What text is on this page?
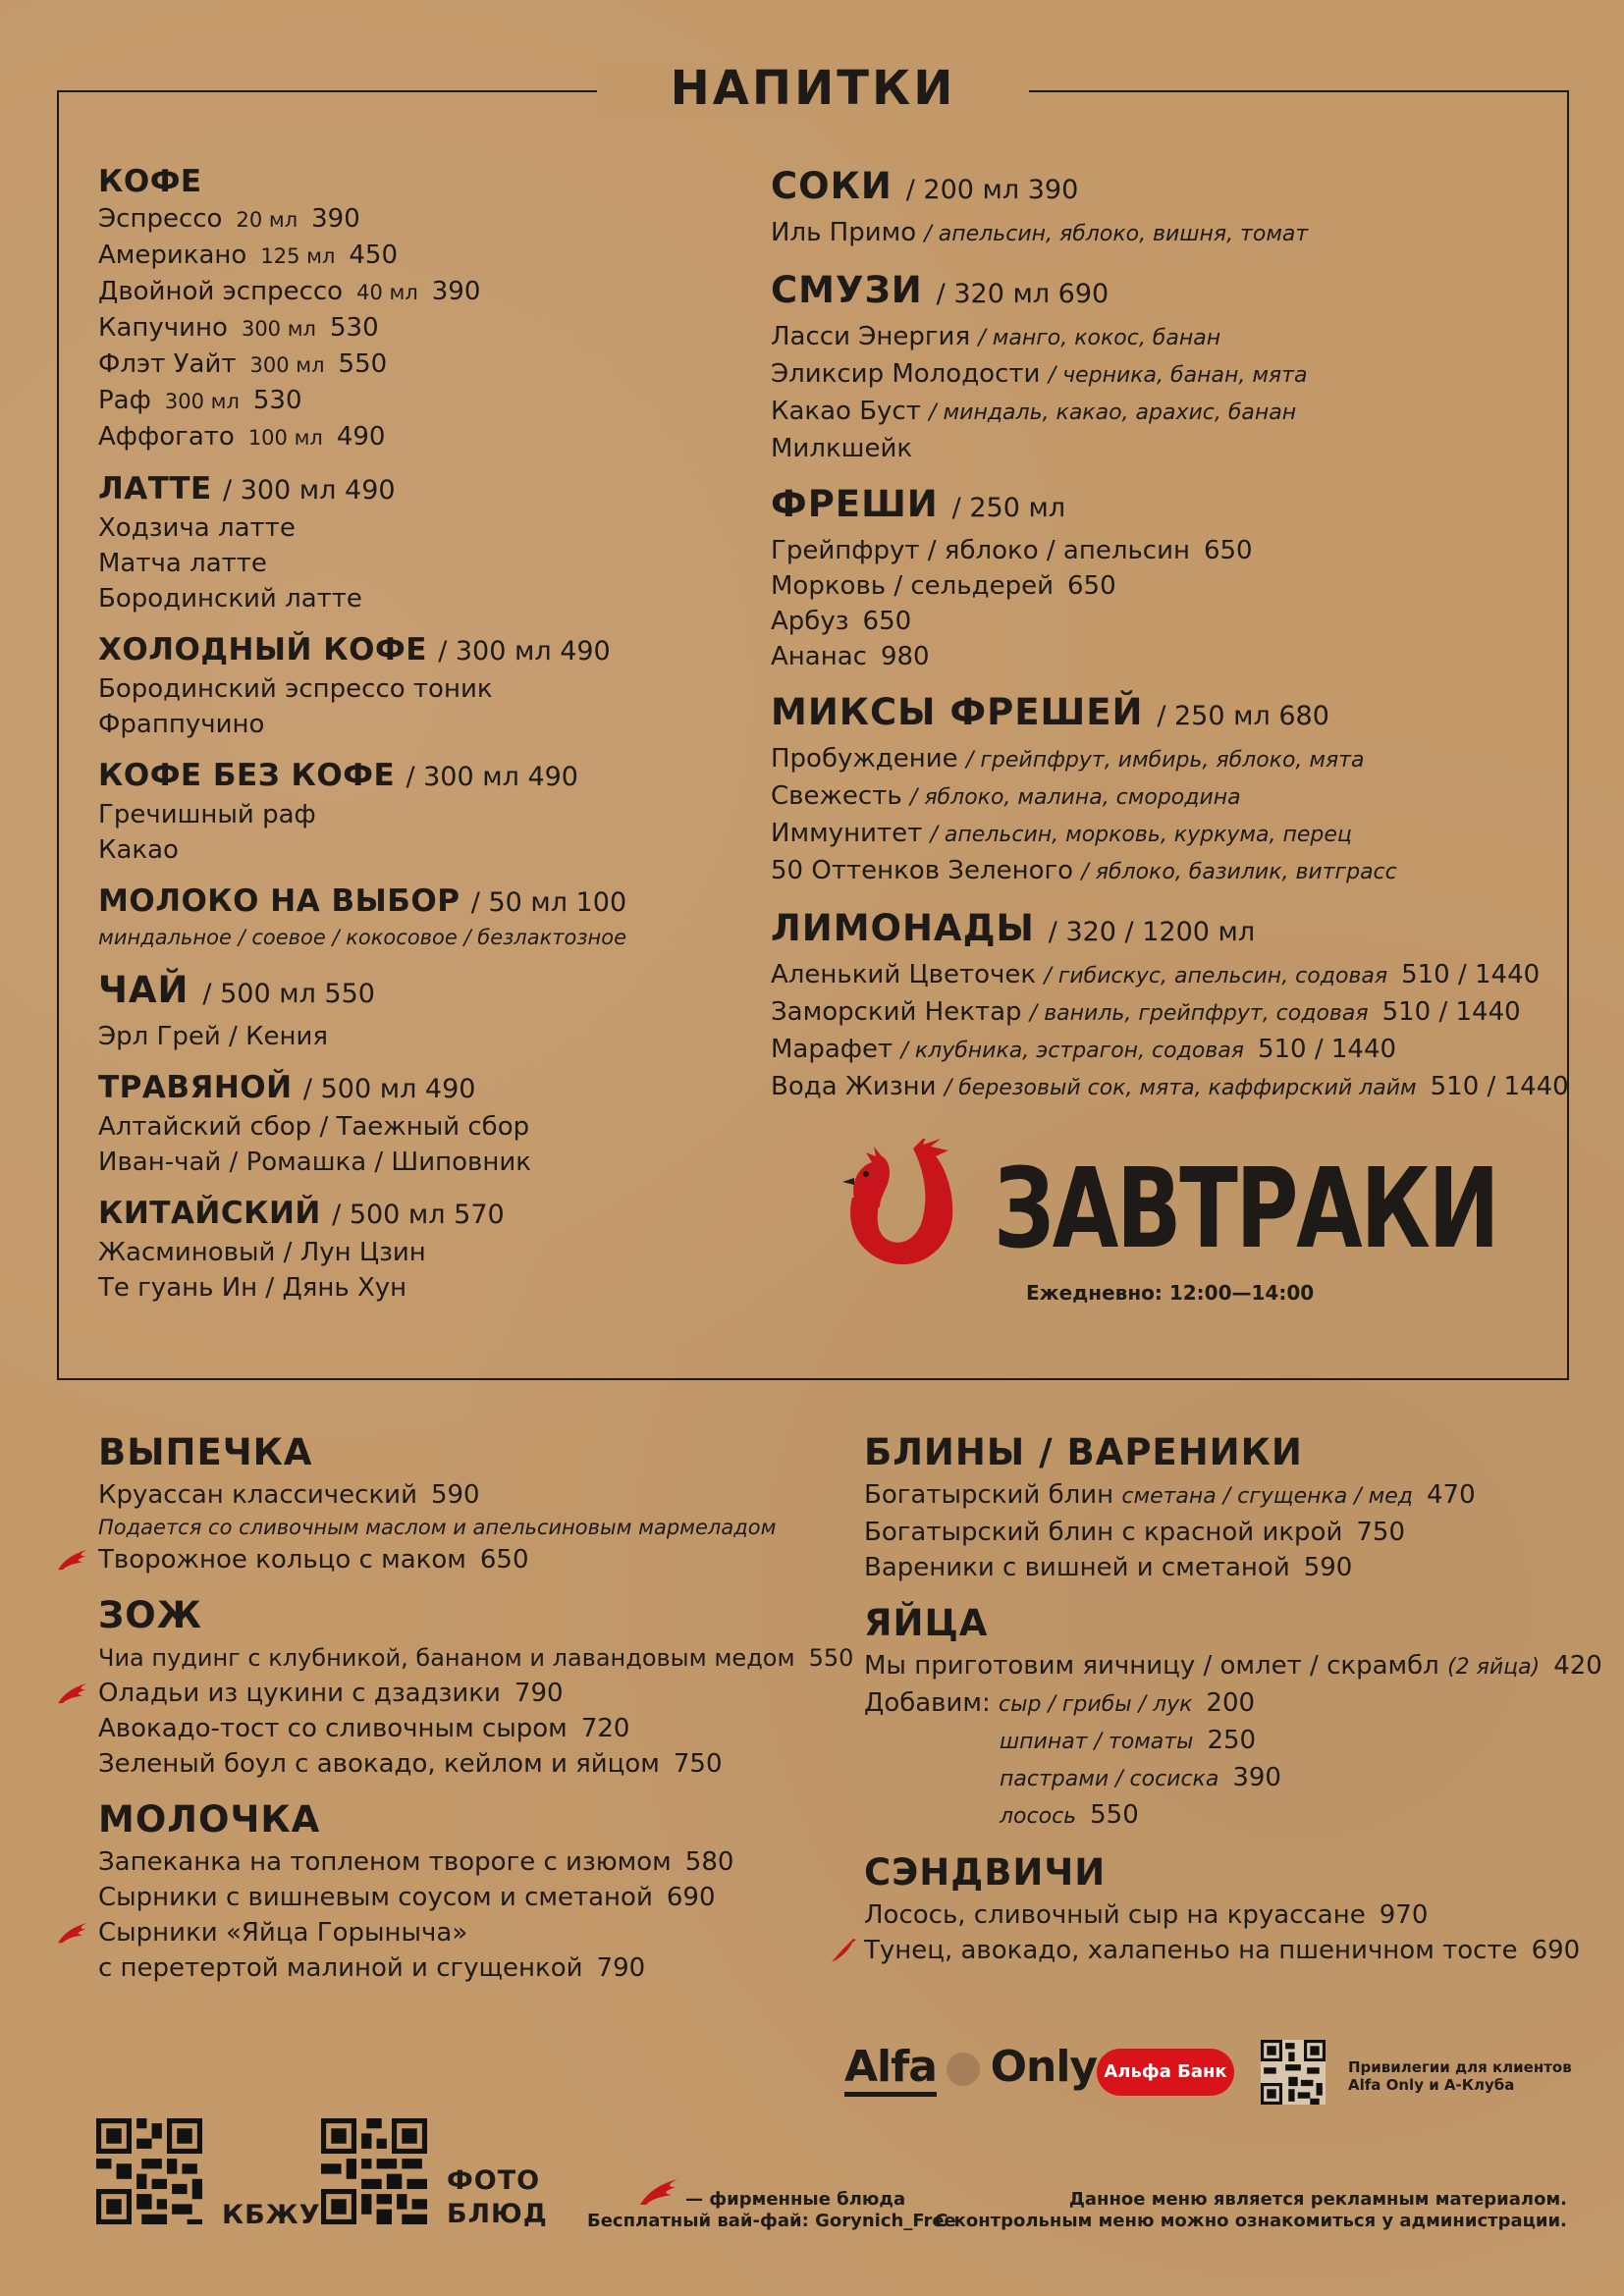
НАПИТКИ
КОФЕ
Эспрессо 20 мл 390
Американо 125 мл 450
Двойной эспрессо 40 мл 390
Капучино 300 мл 530
Флэт Уайт 300 мл 550
Раф 300 мл 530
Аффогато 100 мл 490
ЛАТТЕ / 300 мл 490
Ходзича латте
Матча латте
Бородинский латте
ХОЛОДНЫЙ КОФЕ / 300 мл 490
Бородинский эспрессо тоник
Фраппучино
КОФЕ БЕЗ КОФЕ / 300 мл 490
Гречишный раф
Какао
МОЛОКО НА ВЫБОР / 50 мл 100
миндальное / соевое / кокосовое / безлактозное
ЧАЙ / 500 мл 550
Эрл Грей / Кения
ТРАВЯНОЙ / 500 мл 490
Алтайский сбор / Таежный сбор
Иван-чай / Ромашка / Шиповник
КИТАЙСКИЙ / 500 мл 570
Жасминовый / Лун Цзин
Те гуань Ин / Дянь Хун
СОКИ / 200 мл 390
Иль Примо / апельсин, яблоко, вишня, томат
СМУЗИ / 320 мл 690
Ласси Энергия / манго, кокос, банан
Эликсир Молодости / черника, банан, мята
Какао Буст / миндаль, какао, арахис, банан
Милкшейк
ФРЕШИ / 250 мл
Грейпфрут / яблоко / апельсин 650
Морковь / сельдерей 650
Арбуз 650
Ананас 980
МИКСЫ ФРЕШЕЙ / 250 мл 680
Пробуждение / грейпфрут, имбирь, яблоко, мята
Свежесть / яблоко, малина, смородина
Иммунитет / апельсин, морковь, куркума, перец
50 Оттенков Зеленого / яблоко, базилик, витграсс
ЛИМОНАДЫ / 320 / 1200 мл
Аленький Цветочек / гибискус, апельсин, содовая 510 / 1440
Заморский Нектар / ваниль, грейпфрут, содовая 510 / 1440
Марафет / клубника, эстрагон, содовая 510 / 1440
Вода Жизни / березовый сок, мята, каффирский лайм 510 / 1440
ЗАВТРАКИ
Ежедневно: 12:00—14:00
ВЫПЕЧКА
Круассан классический 590
Подается со сливочным маслом и апельсиновым мармеладом
Творожное кольцо с маком 650
ЗОЖ
Чиа пудинг с клубникой, бананом и лавандовым медом 550
Оладьи из цукини с дзадзики 790
Авокадо-тост со сливочным сыром 720
Зеленый боул с авокадо, кейлом и яйцом 750
МОЛОЧКА
Запеканка на топленом твороге с изюмом 580
Сырники с вишневым соусом и сметаной 690
Сырники «Яйца Горыныча»
с перетертой малиной и сгущенкой 790
БЛИНЫ / ВАРЕНИКИ
Богатырский блин сметана / сгущенка / мед 470
Богатырский блин с красной икрой 750
Вареники с вишней и сметаной 590
ЯЙЦА
Мы приготовим яичницу / омлет / скрамбл (2 яйца) 420
Добавим: сыр / грибы / лук 200
шпинат / томаты 250
пастрами / сосиска 390
лосось 550
СЭНДВИЧИ
Лосось, сливочный сыр на круассане 970
Тунец, авокадо, халапеньо на пшеничном тосте 690
КБЖУ
ФОТО
БЛЮД	— фирменные блюда
Бесплатный вай-фай: Gorynich_Free
Данное меню является рекламным материалом.
С контрольным меню можно ознакомиться у администрации.
Alfa Only Альфа Банк	Привилегии для клиентов
Alfa Only и А-Клуба
